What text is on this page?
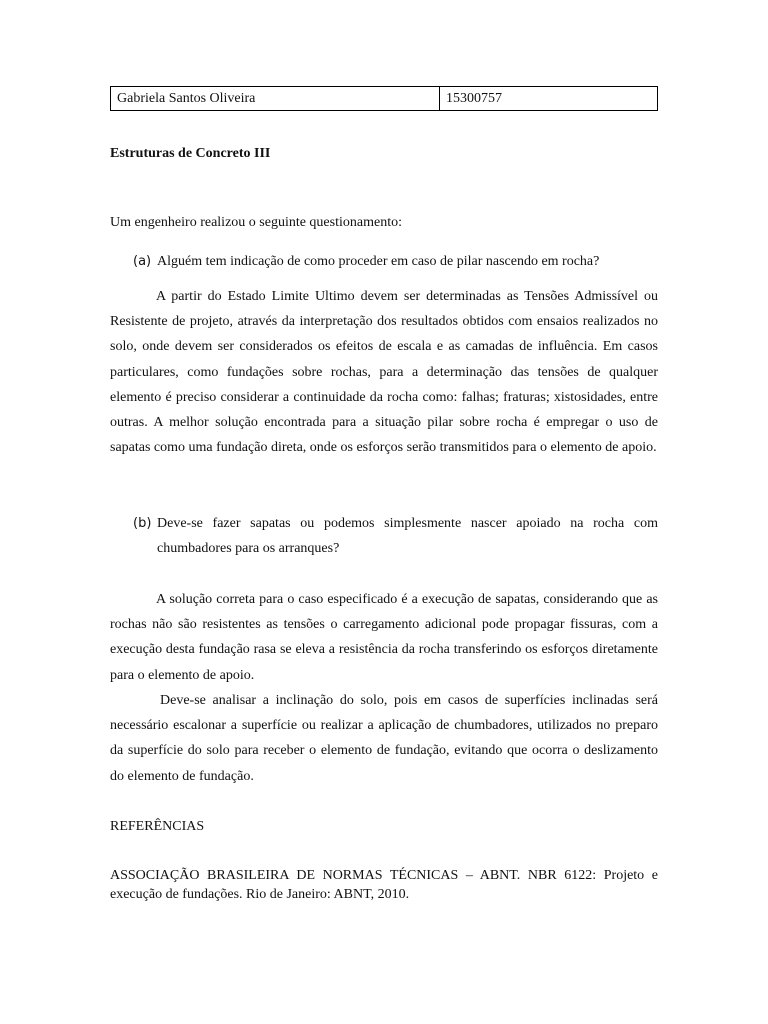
Gabriela Santos Oliveira	15300757
Estruturas de Concreto III
Um engenheiro realizou o seguinte questionamento:
(a) Alguém tem indicação de como proceder em caso de pilar nascendo em rocha?

A partir do Estado Limite Ultimo devem ser determinadas as Tensões Admissível ou Resistente de projeto, através da interpretação dos resultados obtidos com ensaios realizados no solo, onde devem ser considerados os efeitos de escala e as camadas de influência. Em casos particulares, como fundações sobre rochas, para a determinação das tensões de qualquer elemento é preciso considerar a continuidade da rocha como: falhas; fraturas; xistosidades, entre outras. A melhor solução encontrada para a situação pilar sobre rocha é empregar o uso de sapatas como uma fundação direta, onde os esforços serão transmitidos para o elemento de apoio.

(b) Deve-se fazer sapatas ou podemos simplesmente nascer apoiado na rocha com chumbadores para os arranques?

A solução correta para o caso especificado é a execução de sapatas, considerando que as rochas não são resistentes as tensões o carregamento adicional pode propagar fissuras, com a execução desta fundação rasa se eleva a resistência da rocha transferindo os esforços diretamente para o elemento de apoio.

Deve-se analisar a inclinação do solo, pois em casos de superfícies inclinadas será necessário escalonar a superfície ou realizar a aplicação de chumbadores, utilizados no preparo da superfície do solo para receber o elemento de fundação, evitando que ocorra o deslizamento do elemento de fundação.

REFERÊNCIAS

ASSOCIAÇÃO BRASILEIRA DE NORMAS TÉCNICAS – ABNT. NBR 6122: Projeto e execução de fundações. Rio de Janeiro: ABNT, 2010.
